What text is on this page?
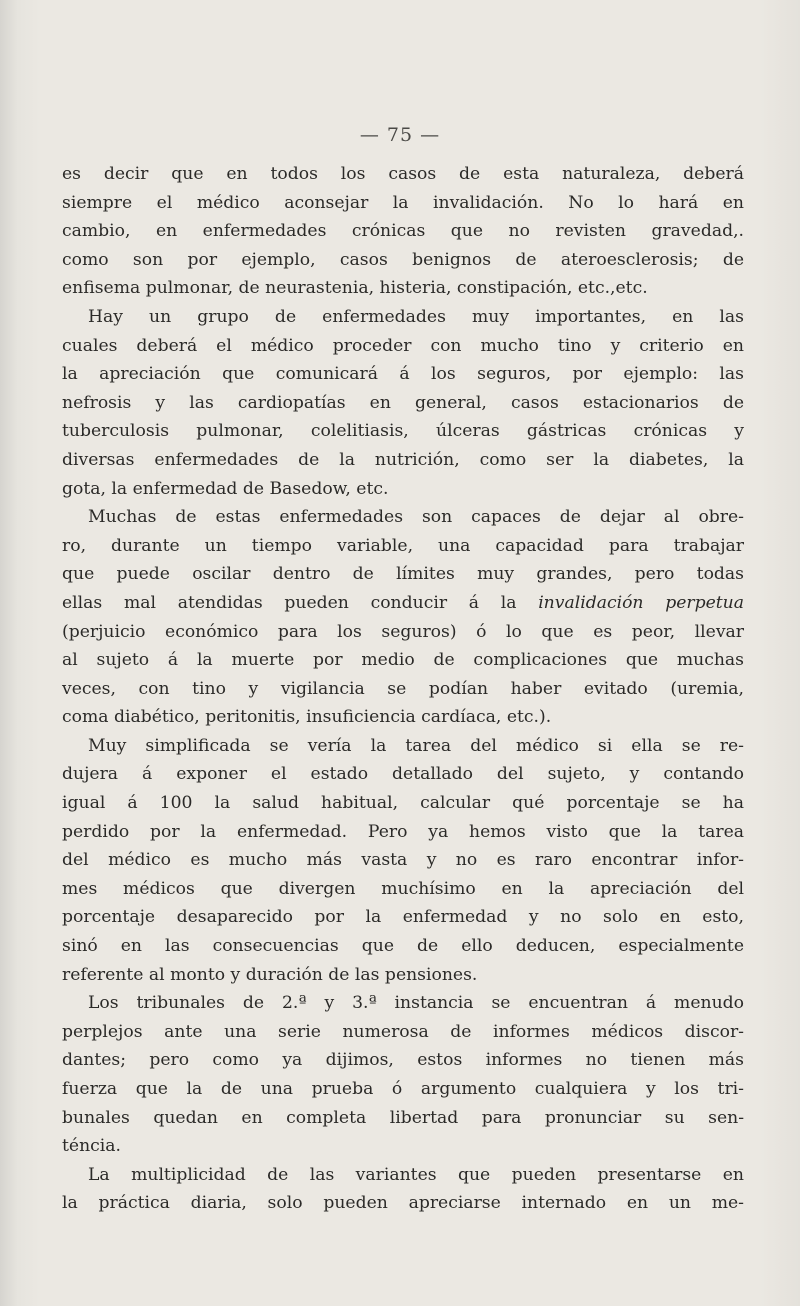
— 75 —
es decir que en todos los casos de esta naturaleza, deberá
siempre el médico aconsejar la invalidación. No lo hará en
cambio, en enfermedades crónicas que no revisten gravedad,.
como son por ejemplo, casos benignos de ateroesclerosis; de
enfisema pulmonar, de neurastenia, histeria, constipación, etc.,etc.
Hay un grupo de enfermedades muy importantes, en las
cuales deberá el médico proceder con mucho tino y criterio en
la apreciación que comunicará á los seguros, por ejemplo: las
nefrosis y las cardiopatías en general, casos estacionarios de
tuberculosis pulmonar, colelitiasis, úlceras gástricas crónicas y
diversas enfermedades de la nutrición, como ser la diabetes, la
gota, la enfermedad de Basedow, etc.
Muchas de estas enfermedades son capaces de dejar al obre-
ro, durante un tiempo variable, una capacidad para trabajar
que puede oscilar dentro de límites muy grandes, pero todas
ellas mal atendidas pueden conducir á la invalidación perpetua
(perjuicio económico para los seguros) ó lo que es peor, llevar
al sujeto á la muerte por medio de complicaciones que muchas
veces, con tino y vigilancia se podían haber evitado (uremia,
coma diabético, peritonitis, insuficiencia cardíaca, etc.).
Muy simplificada se vería la tarea del médico si ella se re-
dujera á exponer el estado detallado del sujeto, y contando
igual á 100 la salud habitual, calcular qué porcentaje se ha
perdido por la enfermedad. Pero ya hemos visto que la tarea
del médico es mucho más vasta y no es raro encontrar infor-
mes médicos que divergen muchísimo en la apreciación del
porcentaje desaparecido por la enfermedad y no solo en esto,
sinó en las consecuencias que de ello deducen, especialmente
referente al monto y duración de las pensiones.
Los tribunales de 2.ª y 3.ª instancia se encuentran á menudo
perplejos ante una serie numerosa de informes médicos discor-
dantes; pero como ya dijimos, estos informes no tienen más
fuerza que la de una prueba ó argumento cualquiera y los tri-
bunales quedan en completa libertad para pronunciar su sen-
téncia.
La multiplicidad de las variantes que pueden presentarse en
la práctica diaria, solo pueden apreciarse internado en un me-
